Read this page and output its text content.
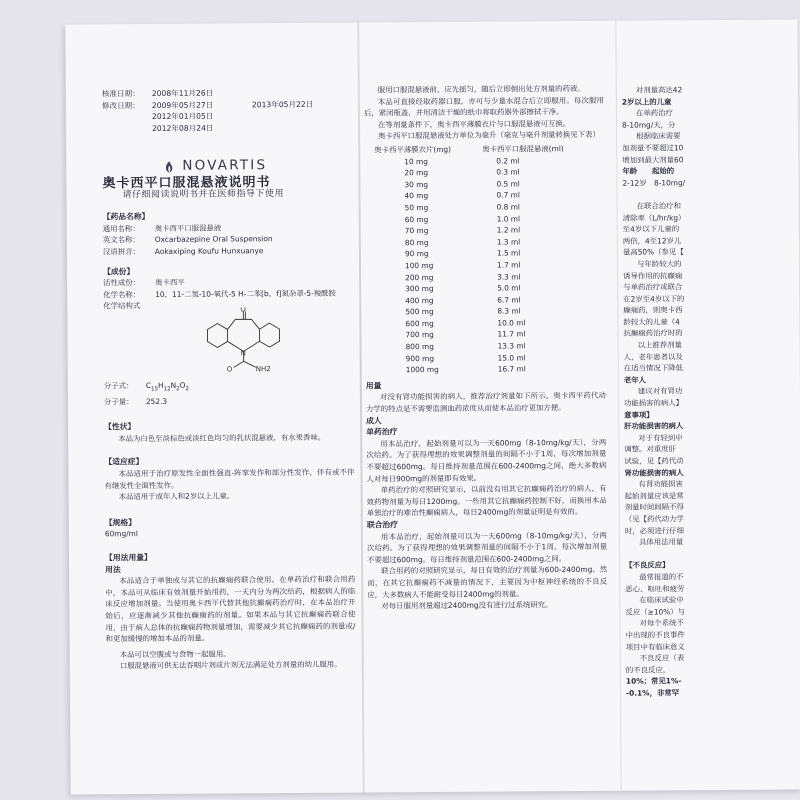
核准日期：	2008年11月26日
修改日期：	2009年05月27日	2013年05月22日
2012年01月05日
2012年08月24日
NOVARTIS

奥卡西平口服混悬液说明书

请仔细阅读说明书并在医师指导下使用

【药品名称】

通用名称：	奥卡西平口服混悬液
英文名称：	Oxcarbazepine Oral Suspension
汉语拼音：	Aokaxiping Koufu Hunxuanye

【成份】

活性成份：	奥卡西平
化学名称：	10，11-二氢-10-氧代-5 H-二苯[b，f]氮杂䓬-5-羧酰胺
化学结构式	O
N
O	NH2
分子式：	$C_{15}H_{12}N_2O_2$
分子量：	252.3

【性状】

本品为白色至淡棕色或淡红色均匀的乳状混悬液，有水果香味。

【适应症】

本品适用于治疗原发性全面性强直-阵挛发作和部分性发作，伴有或不伴有继发性全面性发作。

本品适用于成年人和2岁以上儿童。

【规格】

60mg/ml

【用法用量】

用法

本品适合于单独或与其它的抗癫痫药联合使用。在单药治疗和联合用药中，本品可从临床有效剂量开始用药，一天内分为两次给药，根据病人的临床反应增加剂量。当使用奥卡西平代替其他抗癫痫药治疗时，在本品治疗开始后，应逐渐减少其他抗癫痫药的剂量。如果本品与其它抗癫痫药联合使用，由于病人总体的抗癫痫药物剂量增加，需要减少其它抗癫痫药的剂量或/和更加缓慢的增加本品的剂量。

本品可以空腹或与食物一起服用。

口服混悬液可供无法吞咽片剂或片剂无法满足处方剂量的幼儿服用。

服用口服混悬液前，应先摇匀，随后立即倒出处方剂量的药液。

本品可直接经取药器口服，亦可与少量水混合后立即服用。每次服用后，紧闭瓶盖，并用清洁干燥的纸巾将取药器外部擦拭干净。

在等剂量条件下，奥卡西平薄膜衣片与口服混悬液可互换。

奥卡西平口服混悬液处方单位为毫升（毫克与毫升剂量转换见下表）

奥卡西平薄膜衣片(mg)	奥卡西平口服混悬液(ml)
10 mg	0.2 ml
20 mg	0.3 ml
30 mg	0.5 ml
40 mg	0.7 ml
50 mg	0.8 ml
60 mg	1.0 ml
70 mg	1.2 ml
80 mg	1.3 ml
90 mg	1.5 ml
100 mg	1.7 ml
200 mg	3.3 ml
300 mg	5.0 ml
400 mg	6.7 ml
500 mg	8.3 ml
600 mg	10.0 ml
700 mg	11.7 ml
800 mg	13.3 ml
900 mg	15.0 ml
1000 mg	16.7 ml

用量

对没有肾功能损害的病人，推荐治疗剂量如下所示。奥卡西平药代动力学的特点是不需要监测血药浓度从而使本品治疗更加方便。

成人

单药治疗

用本品治疗，起始剂量可以为一天600mg（8-10mg/kg/天），分两次给药。为了获得理想的效果调整剂量的间隔不小于1周，每次增加剂量不要超过600mg。每日维持剂量范围在600-2400mg之间，绝大多数病人对每日900mg的剂量即有效果。

单药治疗的对照研究显示，以前没有用其它抗癫痫药治疗的病人，有效药物剂量为每日1200mg。一些用其它抗癫痫药控制不好，而换用本品单独治疗的难治性癫痫病人，每日2400mg的剂量证明是有效的。

联合治疗

用本品治疗，起始剂量可以为一天600mg（8-10mg/kg/天），分两次给药。为了获得理想的效果调整剂量的间隔不小于1周，每次增加剂量不要超过600mg。每日维持剂量范围在600-2400mg之间。

联合用药的对照研究显示，每日有效的治疗剂量为600-2400mg。然而，在其它抗癫痫药不减量的情况下，主要因为中枢神经系统的不良反应，大多数病人不能耐受每日2400mg的剂量。

对每日服用剂量超过2400mg没有进行过系统研究。

对剂量高达42
2岁以上的儿童
在单药治疗
8-10mg/天，分
根据临床需要
加剂量不要超过10
增加到最大剂量60
年龄　　起始的
2-12岁　8-10mg/
在联合治疗和
清除率（L/hr/kg）
至4岁以下儿童的
两倍，4至12岁儿
量高50%（参见【
与年龄较大的
诱导作用的抗癫痫
与单药治疗或联合
在2岁至4岁以下的
癫痫药，则奥卡西
龄较大的儿童（4
抗癫痫药治疗时的
以上推荐剂量
人，老年患者以及
在适当情况下降低
老年人
建议对有肾功
功能损害的病人】
意事项】
肝功能损害的病人
对于有轻到中
调整。对重度肝
试验，见【药代动
肾功能损害的病人
有肾功能损害
起始剂量应该是常
剂量时间间隔不得
（见【药代动力学
时，必须进行仔细
具体用法用量
【不良反应】
最常报道的不
恶心、呕吐和疲劳
在临床试验中
反应（≥10%）与
对每个系统不
中出现的不良事件
项目中有临床意义
不良反应（表
的不良反应，
10%；常见1%-
-0.1%，非常罕
